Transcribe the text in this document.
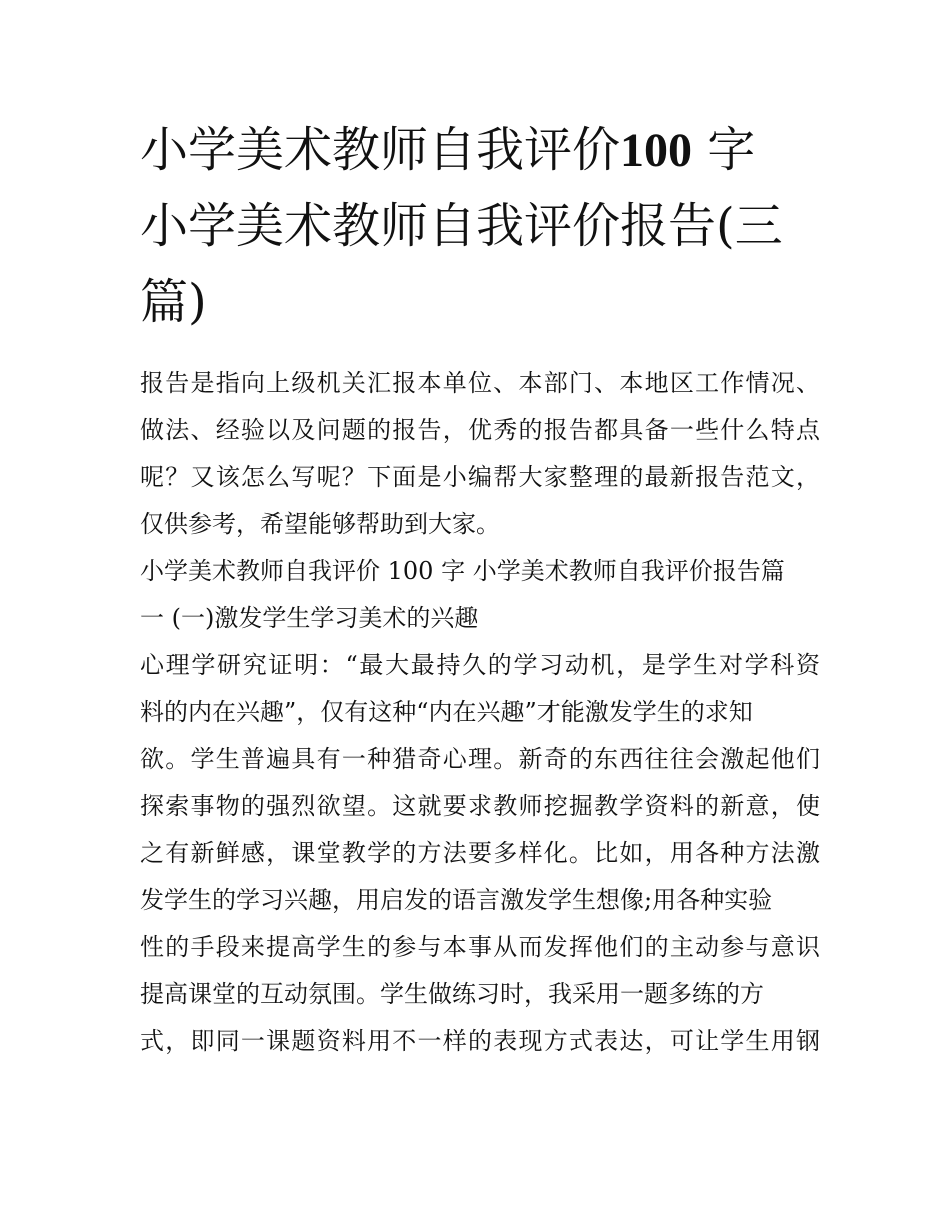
小学美术教师自我评价100 字
小学美术教师自我评价报告(三
篇)
报告是指向上级机关汇报本单位、本部门、本地区工作情况、
做法、经验以及问题的报告，优秀的报告都具备一些什么特点
呢？又该怎么写呢？下面是小编帮大家整理的最新报告范文，
仅供参考，希望能够帮助到大家。
小学美术教师自我评价 100 字 小学美术教师自我评价报告篇
一 (一)激发学生学习美术的兴趣
心理学研究证明：“最大最持久的学习动机，是学生对学科资
料的内在兴趣”，仅有这种“内在兴趣”才能激发学生的求知
欲。学生普遍具有一种猎奇心理。新奇的东西往往会激起他们
探索事物的强烈欲望。这就要求教师挖掘教学资料的新意，使
之有新鲜感，课堂教学的方法要多样化。比如，用各种方法激
发学生的学习兴趣，用启发的语言激发学生想像;用各种实验
性的手段来提高学生的参与本事从而发挥他们的主动参与意识
提高课堂的互动氛围。学生做练习时，我采用一题多练的方
式，即同一课题资料用不一样的表现方式表达，可让学生用钢
